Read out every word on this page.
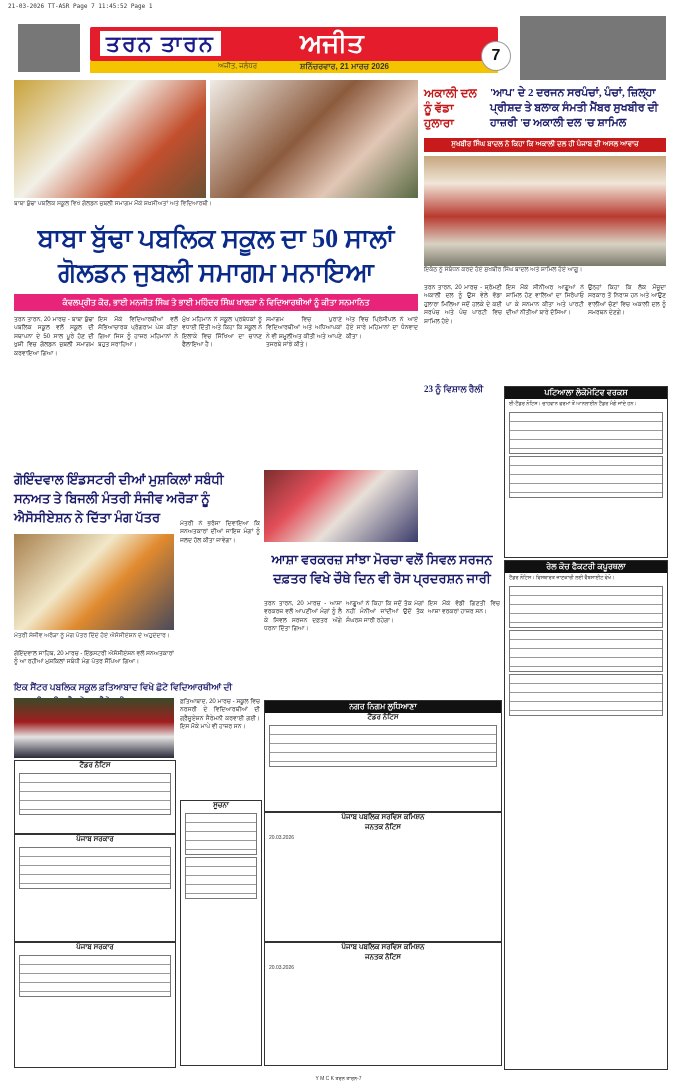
21-03-2026 TT-ASR Page 7 11:45:52 Page 1
ਤਰਨ ਤਾਰਨ	ਅਜੀਤ
ਅਜੀਤ, ਜਲੰਧਰ	ਸ਼ਨਿੱਚਰਵਾਰ, 21 ਮਾਰਚ 2026
7
ਬਾਬਾ ਬੁੱਢਾ ਪਬਲਿਕ ਸਕੂਲ ਵਿਖੇ ਗੋਲਡਨ ਜੁਬਲੀ ਸਮਾਗਮ ਮੌਕੇ ਸ਼ਖ਼ਸੀਅਤਾਂ ਅਤੇ ਵਿਦਿਆਰਥੀ।
ਅਕਾਲੀ ਦਲ ਨੂੰ ਵੱਡਾ ਹੁਲਾਰਾ
'ਆਪ' ਦੇ 2 ਦਰਜਨ ਸਰਪੰਚਾਂ, ਪੰਚਾਂ, ਜ਼ਿਲ੍ਹਾ ਪ੍ਰੀਸ਼ਦ ਤੇ ਬਲਾਕ ਸੰਮਤੀ ਮੈਂਬਰ ਸੁਖਬੀਰ ਦੀ ਹਾਜ਼ਰੀ 'ਚ ਅਕਾਲੀ ਦਲ 'ਚ ਸ਼ਾਮਿਲ
ਸੁਖਬੀਰ ਸਿੰਘ ਬਾਦਲ ਨੇ ਕਿਹਾ ਕਿ ਅਕਾਲੀ ਦਲ ਹੀ ਪੰਜਾਬ ਦੀ ਅਸਲ ਆਵਾਜ਼
ਇਕੱਠ ਨੂੰ ਸੰਬੋਧਨ ਕਰਦੇ ਹੋਏ ਸੁਖਬੀਰ ਸਿੰਘ ਬਾਦਲ ਅਤੇ ਸ਼ਾਮਿਲ ਹੋਏ ਆਗੂ।
ਤਰਨ ਤਾਰਨ, 20 ਮਾਰਚ - ਸ਼੍ਰੋਮਣੀ ਅਕਾਲੀ ਦਲ ਨੂੰ ਉਸ ਵੇਲੇ ਵੱਡਾ ਹੁਲਾਰਾ ਮਿਲਿਆ ਜਦੋਂ ਹਲਕੇ ਦੇ ਕਈ ਸਰਪੰਚ ਅਤੇ ਪੰਚ ਪਾਰਟੀ ਵਿਚ ਸ਼ਾਮਿਲ ਹੋਏ।
ਇਸ ਮੌਕੇ ਸੀਨੀਅਰ ਆਗੂਆਂ ਨੇ ਸ਼ਾਮਿਲ ਹੋਣ ਵਾਲਿਆਂ ਦਾ ਸਿਰੋਪਾਓ ਪਾ ਕੇ ਸਨਮਾਨ ਕੀਤਾ ਅਤੇ ਪਾਰਟੀ ਦੀਆਂ ਨੀਤੀਆਂ ਬਾਰੇ ਦੱਸਿਆ।
ਉਨ੍ਹਾਂ ਕਿਹਾ ਕਿ ਲੋਕ ਮੌਜੂਦਾ ਸਰਕਾਰ ਤੋਂ ਨਿਰਾਸ਼ ਹਨ ਅਤੇ ਆਉਣ ਵਾਲੀਆਂ ਚੋਣਾਂ ਵਿਚ ਅਕਾਲੀ ਦਲ ਨੂੰ ਸਮਰਥਨ ਦੇਣਗੇ।
23 ਨੂੰ ਵਿਸ਼ਾਲ ਰੈਲੀ
ਬਾਬਾ ਬੁੱਢਾ ਪਬਲਿਕ ਸਕੂਲ ਦਾ 50 ਸਾਲਾਂ ਗੋਲਡਨ ਜੁਬਲੀ ਸਮਾਗਮ ਮਨਾਇਆ
ਕੰਵਲਪ੍ਰੀਤ ਕੌਰ, ਭਾਈ ਮਨਜੀਤ ਸਿੰਘ ਤੇ ਭਾਈ ਮਹਿੰਦਰ ਸਿੰਘ ਖਾਲੜਾ ਨੇ ਵਿਦਿਆਰਥੀਆਂ ਨੂੰ ਕੀਤਾ ਸਨਮਾਨਿਤ
ਤਰਨ ਤਾਰਨ, 20 ਮਾਰਚ - ਬਾਬਾ ਬੁੱਢਾ ਪਬਲਿਕ ਸਕੂਲ ਵਲੋਂ ਸਕੂਲ ਦੀ ਸਥਾਪਨਾ ਦੇ 50 ਸਾਲ ਪੂਰੇ ਹੋਣ ਦੀ ਖੁਸ਼ੀ ਵਿਚ ਗੋਲਡਨ ਜੁਬਲੀ ਸਮਾਗਮ ਕਰਵਾਇਆ ਗਿਆ।
ਇਸ ਮੌਕੇ ਵਿਦਿਆਰਥੀਆਂ ਵਲੋਂ ਸੱਭਿਆਚਾਰਕ ਪ੍ਰੋਗਰਾਮ ਪੇਸ਼ ਕੀਤਾ ਗਿਆ ਜਿਸ ਨੂੰ ਹਾਜ਼ਰ ਮਹਿਮਾਨਾਂ ਨੇ ਬਹੁਤ ਸਰਾਹਿਆ।
ਮੁੱਖ ਮਹਿਮਾਨ ਨੇ ਸਕੂਲ ਪ੍ਰਬੰਧਕਾਂ ਨੂੰ ਵਧਾਈ ਦਿੱਤੀ ਅਤੇ ਕਿਹਾ ਕਿ ਸਕੂਲ ਨੇ ਇਲਾਕੇ ਵਿਚ ਸਿੱਖਿਆ ਦਾ ਚਾਨਣ ਫੈਲਾਇਆ ਹੈ।
ਸਮਾਗਮ ਵਿਚ ਪੁਰਾਣੇ ਵਿਦਿਆਰਥੀਆਂ ਅਤੇ ਅਧਿਆਪਕਾਂ ਨੇ ਵੀ ਸ਼ਮੂਲੀਅਤ ਕੀਤੀ ਅਤੇ ਆਪਣੇ ਤਜਰਬੇ ਸਾਂਝੇ ਕੀਤੇ।
ਅੰਤ ਵਿਚ ਪ੍ਰਿੰਸੀਪਲ ਨੇ ਆਏ ਹੋਏ ਸਾਰੇ ਮਹਿਮਾਨਾਂ ਦਾ ਧੰਨਵਾਦ ਕੀਤਾ।
ਗੋਇੰਦਵਾਲ ਇੰਡਸਟਰੀ ਦੀਆਂ ਮੁਸ਼ਕਿਲਾਂ ਸਬੰਧੀ ਸਨਅਤ ਤੇ ਬਿਜਲੀ ਮੰਤਰੀ ਸੰਜੀਵ ਅਰੋੜਾ ਨੂੰ ਐਸੋਸੀਏਸ਼ਨ ਨੇ ਦਿੱਤਾ ਮੰਗ ਪੱਤਰ
ਮੰਤਰੀ ਸੰਜੀਵ ਅਰੋੜਾ ਨੂੰ ਮੰਗ ਪੱਤਰ ਦਿੰਦੇ ਹੋਏ ਐਸੋਸੀਏਸ਼ਨ ਦੇ ਅਹੁਦੇਦਾਰ।
ਗੋਇੰਦਵਾਲ ਸਾਹਿਬ, 20 ਮਾਰਚ - ਇੰਡਸਟਰੀ ਐਸੋਸੀਏਸ਼ਨ ਵਲੋਂ ਸਨਅਤਕਾਰਾਂ ਨੂੰ ਆ ਰਹੀਆਂ ਮੁਸ਼ਕਿਲਾਂ ਸਬੰਧੀ ਮੰਗ ਪੱਤਰ ਸੌਂਪਿਆ ਗਿਆ।
ਮੰਤਰੀ ਨੇ ਭਰੋਸਾ ਦਿਵਾਇਆ ਕਿ ਸਨਅਤਕਾਰਾਂ ਦੀਆਂ ਜਾਇਜ਼ ਮੰਗਾਂ ਨੂੰ ਜਲਦ ਹੱਲ ਕੀਤਾ ਜਾਵੇਗਾ।
ਆਸ਼ਾ ਵਰਕਰਜ਼ ਸਾਂਝਾ ਮੋਰਚਾ ਵਲੋਂ ਸਿਵਲ ਸਰਜਨ ਦਫ਼ਤਰ ਵਿਖੇ ਚੌਥੇ ਦਿਨ ਵੀ ਰੋਸ ਪ੍ਰਦਰਸ਼ਨ ਜਾਰੀ
ਤਰਨ ਤਾਰਨ, 20 ਮਾਰਚ - ਆਸ਼ਾ ਵਰਕਰਜ਼ ਵਲੋਂ ਆਪਣੀਆਂ ਮੰਗਾਂ ਨੂੰ ਲੈ ਕੇ ਸਿਵਲ ਸਰਜਨ ਦਫ਼ਤਰ ਅੱਗੇ ਧਰਨਾ ਦਿੱਤਾ ਗਿਆ।
ਆਗੂਆਂ ਨੇ ਕਿਹਾ ਕਿ ਜਦੋਂ ਤੱਕ ਮੰਗਾਂ ਨਹੀਂ ਮੰਨੀਆਂ ਜਾਂਦੀਆਂ ਉਦੋਂ ਤੱਕ ਸੰਘਰਸ਼ ਜਾਰੀ ਰਹੇਗਾ।
ਇਸ ਮੌਕੇ ਵੱਡੀ ਗਿਣਤੀ ਵਿਚ ਆਸ਼ਾ ਵਰਕਰਾਂ ਹਾਜ਼ਰ ਸਨ।
ਇਕ ਸੈਂਟਰ ਪਬਲਿਕ ਸਕੂਲ ਫ਼ਤਿਆਬਾਦ ਵਿਖੇ ਛੋਟੇ ਵਿਦਿਆਰਥੀਆਂ ਦੀ
ਫ਼ਤਿਆਬਾਦ, 20 ਮਾਰਚ - ਸਕੂਲ ਵਿਚ ਨਰਸਰੀ ਦੇ ਵਿਦਿਆਰਥੀਆਂ ਦੀ ਗ੍ਰੈਜੂਏਸ਼ਨ ਸੈਰੇਮਨੀ ਕਰਵਾਈ ਗਈ। ਇਸ ਮੌਕੇ ਮਾਪੇ ਵੀ ਹਾਜ਼ਰ ਸਨ।
ਪਟਿਆਲਾ ਲੋਕੋਮੋਟਿਵ ਵਰਕਸ
ਈ-ਟੈਂਡਰ ਨੋਟਿਸ। ਚਾਹਵਾਨ ਫਰਮਾਂ ਤੋਂ ਆਨਲਾਈਨ ਟੈਂਡਰ ਮੰਗੇ ਜਾਂਦੇ ਹਨ।
ਰੇਲ ਕੋਚ ਫੈਕਟਰੀ ਕਪੂਰਥਲਾ
ਟੈਂਡਰ ਨੋਟਿਸ। ਵਿਸਥਾਰਤ ਜਾਣਕਾਰੀ ਲਈ ਵੈੱਬਸਾਈਟ ਵੇਖੋ।
ਨਗਰ ਨਿਗਮ ਲੁਧਿਆਣਾ
ਟੈਂਡਰ ਨੋਟਿਸ
ਪੰਜਾਬ ਪਬਲਿਕ ਸਰਵਿਸ ਕਮਿਸ਼ਨ
ਜਨਤਕ ਨੋਟਿਸ
20.03.2026
ਪੰਜਾਬ ਪਬਲਿਕ ਸਰਵਿਸ ਕਮਿਸ਼ਨ
ਜਨਤਕ ਨੋਟਿਸ
20.03.2026
ਟੈਂਡਰ ਨੋਟਿਸ
ਪੰਜਾਬ ਸਰਕਾਰ
ਪੰਜਾਬ ਸਰਕਾਰ
ਸੂਚਨਾ
Y M C K ਤਰਨ ਤਾਰਨ-7
